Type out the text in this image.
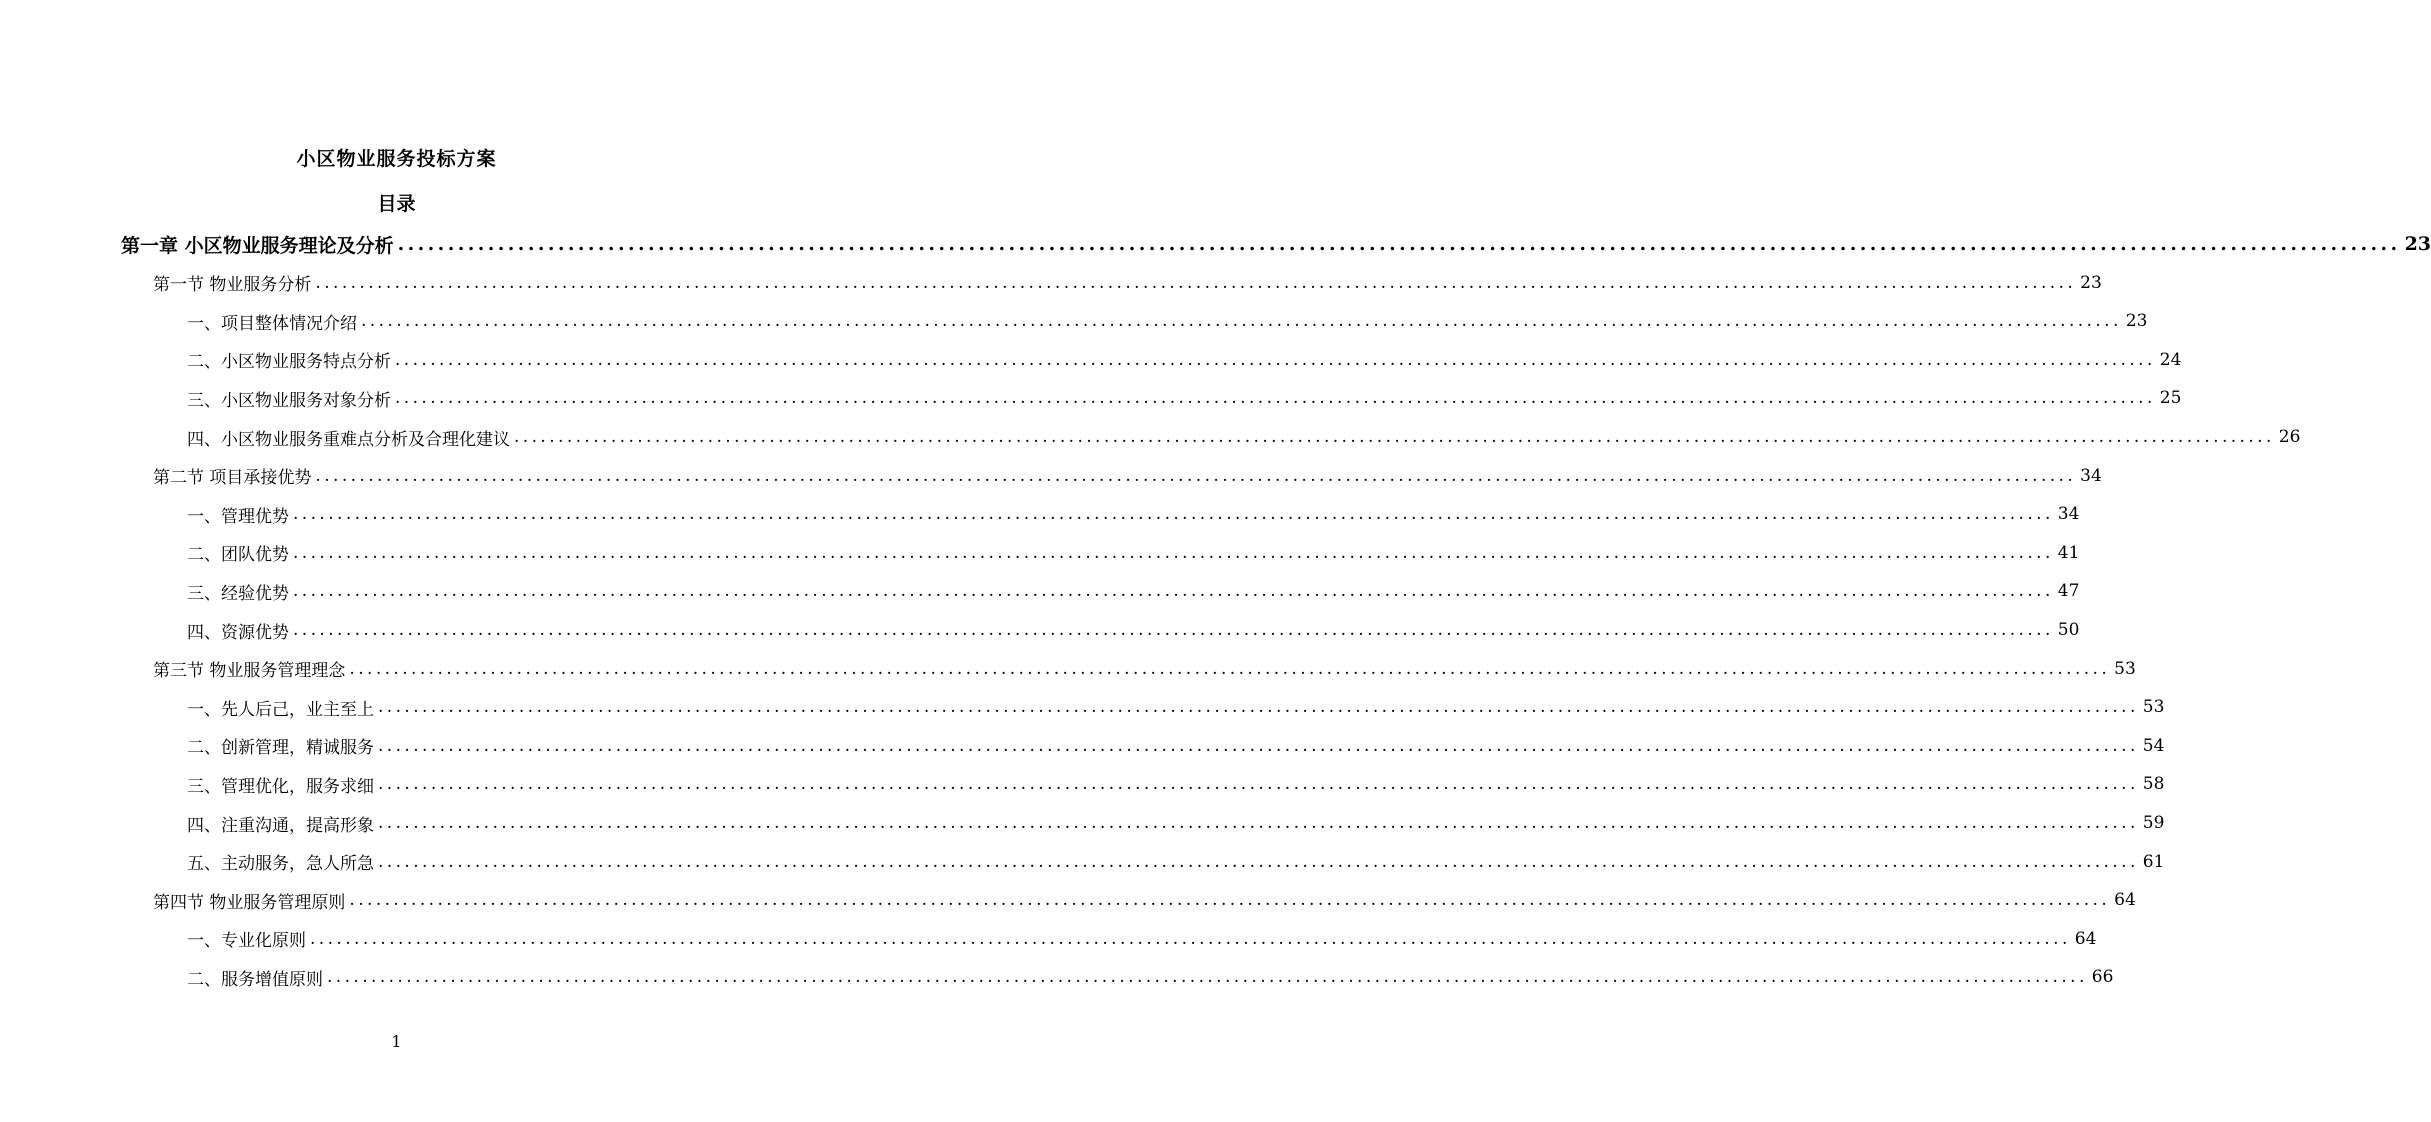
小区物业服务投标方案
目录
第一章 小区物业服务理论及分析 ........................................................................................................................................................................................................ 23
第一节 物业服务分析 ........................................................................................................................................................................................................ 23
一、项目整体情况介绍 ........................................................................................................................................................................................................ 23
二、小区物业服务特点分析 ........................................................................................................................................................................................................ 24
三、小区物业服务对象分析 ........................................................................................................................................................................................................ 25
四、小区物业服务重难点分析及合理化建议 ........................................................................................................................................................................................................ 26
第二节 项目承接优势 ........................................................................................................................................................................................................ 34
一、管理优势 ........................................................................................................................................................................................................ 34
二、团队优势 ........................................................................................................................................................................................................ 41
三、经验优势 ........................................................................................................................................................................................................ 47
四、资源优势 ........................................................................................................................................................................................................ 50
第三节 物业服务管理理念 ........................................................................................................................................................................................................ 53
一、先人后己，业主至上 ........................................................................................................................................................................................................ 53
二、创新管理，精诚服务 ........................................................................................................................................................................................................ 54
三、管理优化，服务求细 ........................................................................................................................................................................................................ 58
四、注重沟通，提高形象 ........................................................................................................................................................................................................ 59
五、主动服务，急人所急 ........................................................................................................................................................................................................ 61
第四节 物业服务管理原则 ........................................................................................................................................................................................................ 64
一、专业化原则 ........................................................................................................................................................................................................ 64
二、服务增值原则 ........................................................................................................................................................................................................ 66
1
